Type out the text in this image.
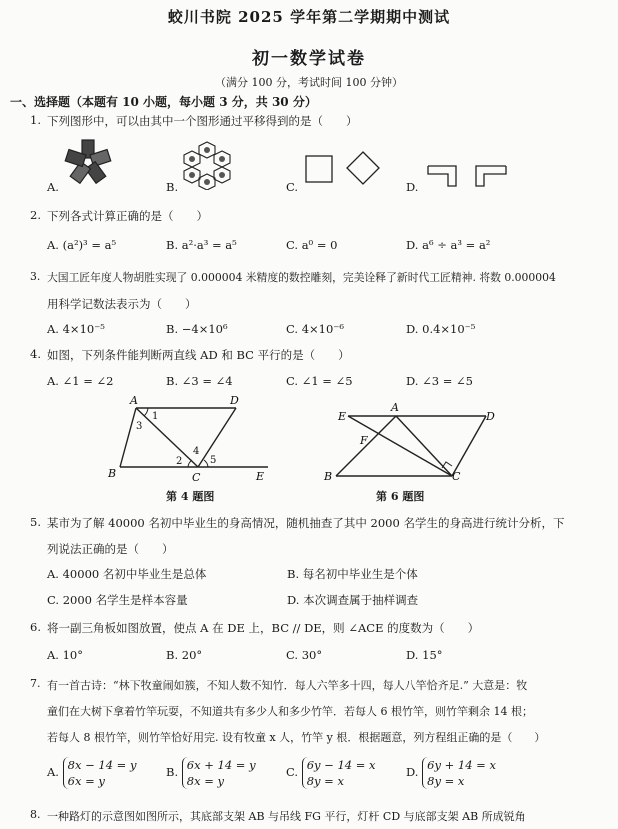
蛟川书院 2025 学年第二学期期中测试
初一数学试卷
（满分 100 分，考试时间 100 分钟）
一、选择题（本题有 10 小题，每小题 3 分，共 30 分）
1. 下列图形中，可以由其中一个图形通过平移得到的是（　　）
A.	B.	C.	D.
2. 下列各式计算正确的是（　　）
A. (a²)³ = a⁵	B. a²·a³ = a⁵	C. a⁰ = 0	D. a⁶ ÷ a³ = a²
3. 大国工匠年度人物胡胜实现了 0.000004 米精度的数控雕刻，完美诠释了新时代工匠精神. 将数 0.000004
用科学记数法表示为（　　）
A. 4×10⁻⁵	B. −4×10⁶	C. 4×10⁻⁶	D. 0.4×10⁻⁵
4. 如图，下列条件能判断两直线 AD 和 BC 平行的是（　　）
A. ∠1 = ∠2	B. ∠3 = ∠4	C. ∠1 = ∠5	D. ∠3 = ∠5
A	D
B	C	E
1
3
2
4
5
第 4 题图
E
A
D
F
B	C
第 6 题图
5. 某市为了解 40000 名初中毕业生的身高情况，随机抽查了其中 2000 名学生的身高进行统计分析，下
列说法正确的是（　　）
A. 40000 名初中毕业生是总体	B. 每名初中毕业生是个体
C. 2000 名学生是样本容量	D. 本次调查属于抽样调查
6. 将一副三角板如图放置，使点 A 在 DE 上，BC // DE，则 ∠ACE 的度数为（　　）
A. 10°	B. 20°	C. 30°	D. 15°
7. 有一首古诗：“林下牧童闹如簇，不知人数不知竹．每人六竿多十四，每人八竿恰齐足.” 大意是：牧
童们在大树下拿着竹竿玩耍，不知道共有多少人和多少竹竿．若每人 6 根竹竿，则竹竿剩余 14 根；
若每人 8 根竹竿，则竹竿恰好用完. 设有牧童 x 人，竹竿 y 根．根据题意，列方程组正确的是（　　）
A. 8x − 14 = y
6x = y
B. 6x + 14 = y
8x = y
C. 6y − 14 = x
8y = x
D. 6y + 14 = x
8y = x
8. 一种路灯的示意图如图所示，其底部支架 AB 与吊线 FG 平行，灯杆 CD 与底部支架 AB 所成锐角
